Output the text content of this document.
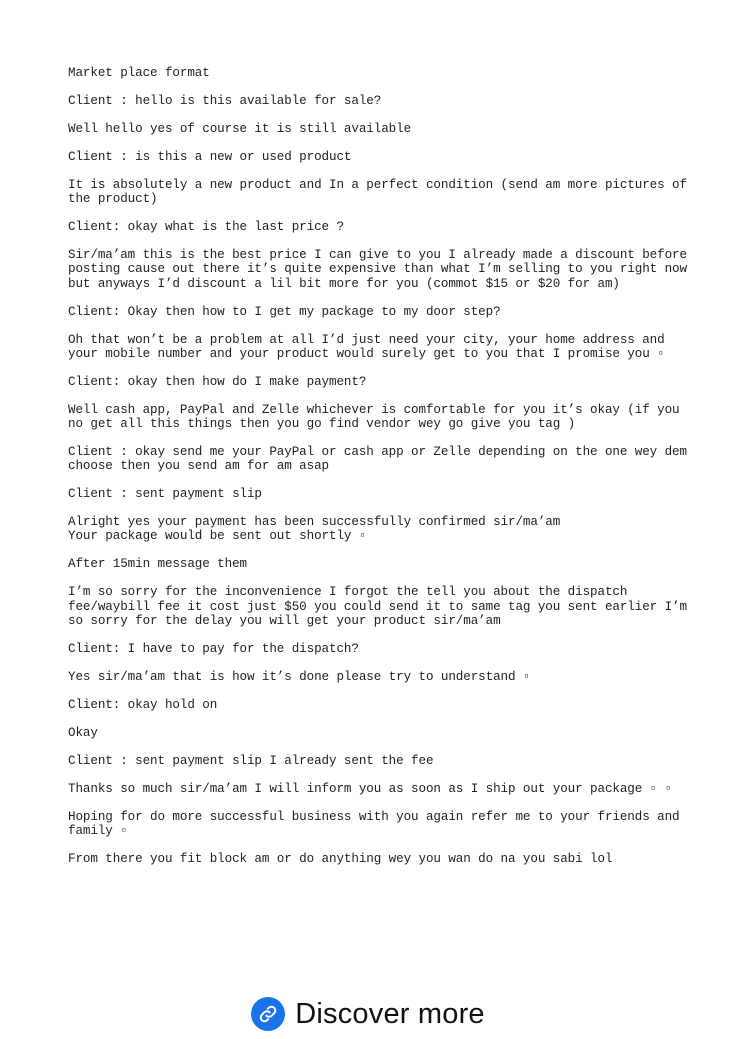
Market place format

Client : hello is this available for sale?

Well hello yes of course it is still available

Client : is this a new or used product

It is absolutely a new product and In a perfect condition (send am more pictures of
the product)

Client: okay what is the last price ?

Sir/ma’am this is the best price I can give to you I already made a discount before
posting cause out there it’s quite expensive than what I’m selling to you right now
but anyways I’d discount a lil bit more for you (commot $15 or $20 for am)

Client: Okay then how to I get my package to my door step?

Oh that won’t be a problem at all I’d just need your city, your home address and
your mobile number and your product would surely get to you that I promise you ▫

Client: okay then how do I make payment?

Well cash app, PayPal and Zelle whichever is comfortable for you it’s okay (if you
no get all this things then you go find vendor wey go give you tag )

Client : okay send me your PayPal or cash app or Zelle depending on the one wey dem
choose then you send am for am asap

Client : sent payment slip

Alright yes your payment has been successfully confirmed sir/ma’am
Your package would be sent out shortly ▫

After 15min message them

I’m so sorry for the inconvenience I forgot the tell you about the dispatch
fee/waybill fee it cost just $50 you could send it to same tag you sent earlier I’m
so sorry for the delay you will get your product sir/ma’am

Client: I have to pay for the dispatch?

Yes sir/ma’am that is how it’s done please try to understand ▫

Client: okay hold on

Okay

Client : sent payment slip I already sent the fee

Thanks so much sir/ma’am I will inform you as soon as I ship out your package ▫ ▫

Hoping for do more successful business with you again refer me to your friends and
family ▫

From there you fit block am or do anything wey you wan do na you sabi lol

Discover more
